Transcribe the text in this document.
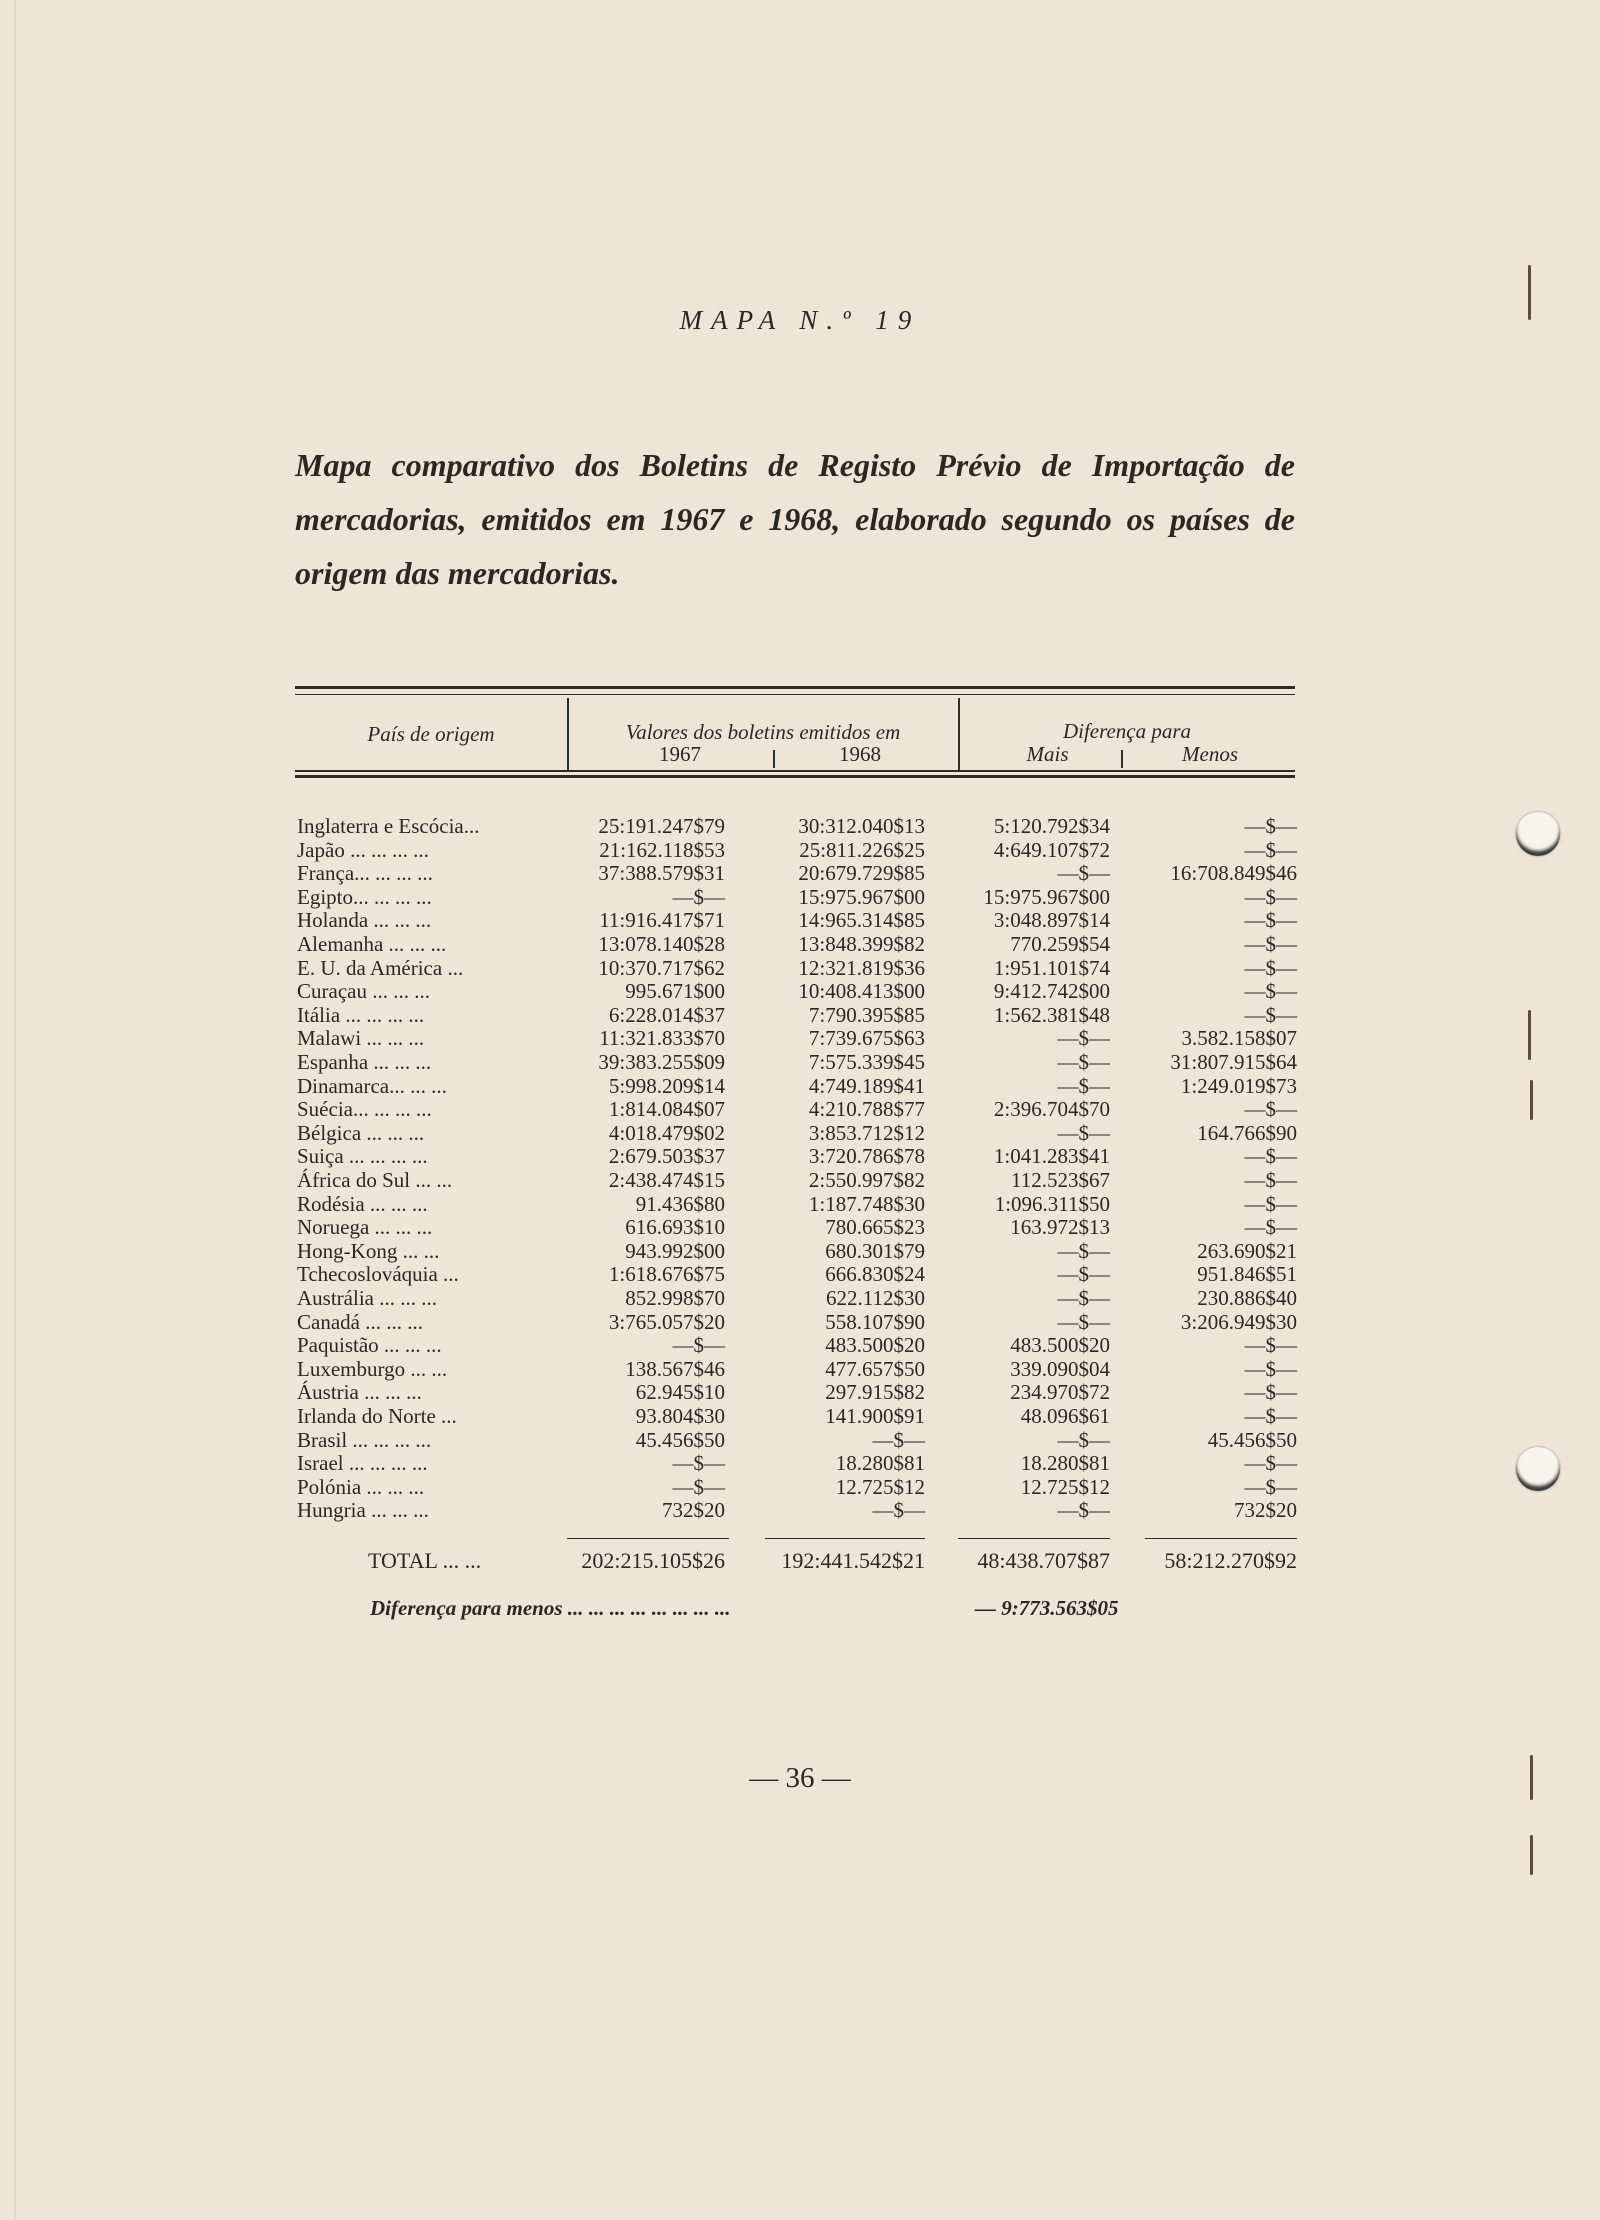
MAPA N.º 19
Mapa comparativo dos Boletins de Registo Prévio de Importação de mercadorias, emitidos em 1967 e 1968, elaborado segundo os países de origem das mercadorias.
País de origem	Valores dos boletins emitidos em
1967	1968
Diferença para
Mais	Menos
Inglaterra e Escócia...	25:191.247$79	30:312.040$13	5:120.792$34	—$—
Japão ... ... ... ...	21:162.118$53	25:811.226$25	4:649.107$72	—$—
França... ... ... ...	37:388.579$31	20:679.729$85	—$—	16:708.849$46
Egipto... ... ... ...	—$—	15:975.967$00	15:975.967$00	—$—
Holanda ... ... ...	11:916.417$71	14:965.314$85	3:048.897$14	—$—
Alemanha ... ... ...	13:078.140$28	13:848.399$82	770.259$54	—$—
E. U. da América ...	10:370.717$62	12:321.819$36	1:951.101$74	—$—
Curaçau ... ... ...	995.671$00	10:408.413$00	9:412.742$00	—$—
Itália ... ... ... ...	6:228.014$37	7:790.395$85	1:562.381$48	—$—
Malawi ... ... ...	11:321.833$70	7:739.675$63	—$—	3.582.158$07
Espanha ... ... ...	39:383.255$09	7:575.339$45	—$—	31:807.915$64
Dinamarca... ... ...	5:998.209$14	4:749.189$41	—$—	1:249.019$73
Suécia... ... ... ...	1:814.084$07	4:210.788$77	2:396.704$70	—$—
Bélgica ... ... ...	4:018.479$02	3:853.712$12	—$—	164.766$90
Suiça ... ... ... ...	2:679.503$37	3:720.786$78	1:041.283$41	—$—
África do Sul ... ...	2:438.474$15	2:550.997$82	112.523$67	—$—
Rodésia ... ... ...	91.436$80	1:187.748$30	1:096.311$50	—$—
Noruega ... ... ...	616.693$10	780.665$23	163.972$13	—$—
Hong-Kong ... ...	943.992$00	680.301$79	—$—	263.690$21
Tchecoslováquia ...	1:618.676$75	666.830$24	—$—	951.846$51
Austrália ... ... ...	852.998$70	622.112$30	—$—	230.886$40
Canadá ... ... ...	3:765.057$20	558.107$90	—$—	3:206.949$30
Paquistão ... ... ...	—$—	483.500$20	483.500$20	—$—
Luxemburgo ... ...	138.567$46	477.657$50	339.090$04	—$—
Áustria ... ... ...	62.945$10	297.915$82	234.970$72	—$—
Irlanda do Norte ...	93.804$30	141.900$91	48.096$61	—$—
Brasil ... ... ... ...	45.456$50	—$—	—$—	45.456$50
Israel ... ... ... ...	—$—	18.280$81	18.280$81	—$—
Polónia ... ... ...	—$—	12.725$12	12.725$12	—$—
Hungria ... ... ...	732$20	—$—	—$—	732$20
TOTAL ... ...	202:215.105$26	192:441.542$21	48:438.707$87	58:212.270$92
Diferença para menos ... ... ... ... ... ... ... ...	— 9:773.563$05
— 36 —
